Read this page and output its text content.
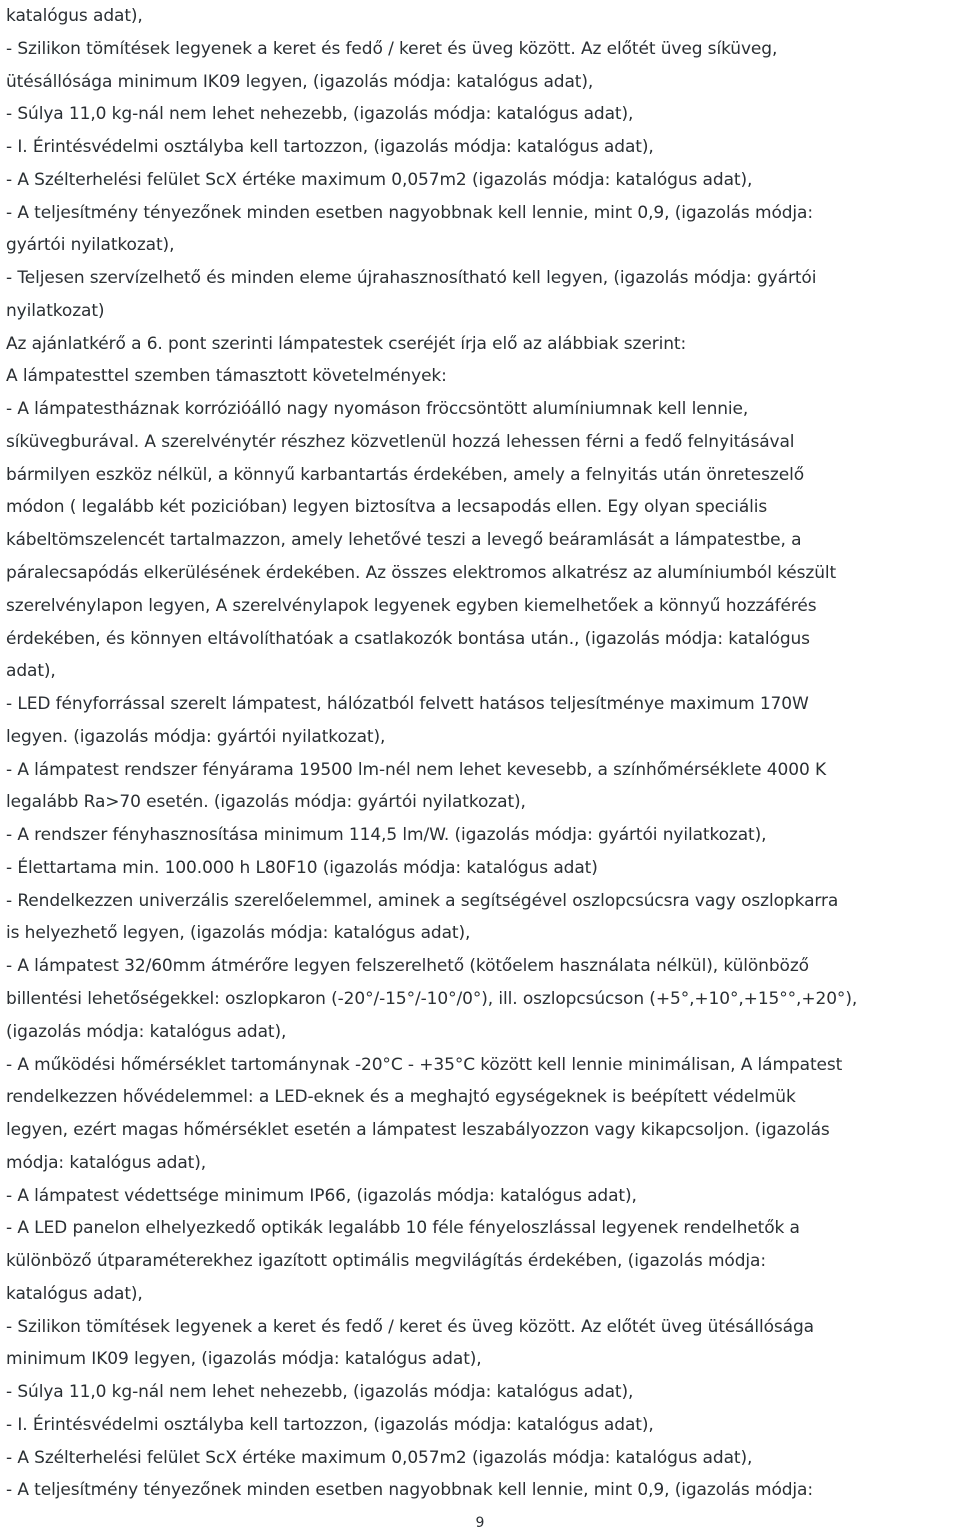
katalógus adat),
- Szilikon tömítések legyenek a keret és fedő / keret és üveg között. Az előtét üveg síküveg,
ütésállósága minimum IK09 legyen, (igazolás módja: katalógus adat),
- Súlya 11,0 kg-nál nem lehet nehezebb, (igazolás módja: katalógus adat),
- I. Érintésvédelmi osztályba kell tartozzon, (igazolás módja: katalógus adat),
- A Szélterhelési felület ScX értéke maximum 0,057m2 (igazolás módja: katalógus adat),
- A teljesítmény tényezőnek minden esetben nagyobbnak kell lennie, mint 0,9, (igazolás módja:
gyártói nyilatkozat),
- Teljesen szervízelhető és minden eleme újrahasznosítható kell legyen, (igazolás módja: gyártói
nyilatkozat)
Az ajánlatkérő a 6. pont szerinti lámpatestek cseréjét írja elő az alábbiak szerint:
A lámpatesttel szemben támasztott követelmények:
- A lámpatestháznak korrózióálló nagy nyomáson fröccsöntött alumíniumnak kell lennie,
síküvegburával. A szerelvénytér részhez közvetlenül hozzá lehessen férni a fedő felnyitásával
bármilyen eszköz nélkül, a könnyű karbantartás érdekében, amely a felnyitás után önreteszelő
módon ( legalább két pozicióban) legyen biztosítva a lecsapodás ellen. Egy olyan speciális
kábeltömszelencét tartalmazzon, amely lehetővé teszi a levegő beáramlását a lámpatestbe, a
páralecsapódás elkerülésének érdekében. Az összes elektromos alkatrész az alumíniumból készült
szerelvénylapon legyen, A szerelvénylapok legyenek egyben kiemelhetőek a könnyű hozzáférés
érdekében, és könnyen eltávolíthatóak a csatlakozók bontása után., (igazolás módja: katalógus
adat),
- LED fényforrással szerelt lámpatest, hálózatból felvett hatásos teljesítménye maximum 170W
legyen. (igazolás módja: gyártói nyilatkozat),
- A lámpatest rendszer fényárama 19500 lm-nél nem lehet kevesebb, a színhőmérséklete 4000 K
legalább Ra>70 esetén. (igazolás módja: gyártói nyilatkozat),
- A rendszer fényhasznosítása minimum 114,5 lm/W. (igazolás módja: gyártói nyilatkozat),
- Élettartama min. 100.000 h L80F10 (igazolás módja: katalógus adat)
- Rendelkezzen univerzális szerelőelemmel, aminek a segítségével oszlopcsúcsra vagy oszlopkarra
is helyezhető legyen, (igazolás módja: katalógus adat),
- A lámpatest 32/60mm átmérőre legyen felszerelhető (kötőelem használata nélkül), különböző
billentési lehetőségekkel: oszlopkaron (-20°/-15°/-10°/0°), ill. oszlopcsúcson (+5°,+10°,+15°°,+20°),
(igazolás módja: katalógus adat),
- A működési hőmérséklet tartománynak -20°C - +35°C között kell lennie minimálisan, A lámpatest
rendelkezzen hővédelemmel: a LED-eknek és a meghajtó egységeknek is beépített védelmük
legyen, ezért magas hőmérséklet esetén a lámpatest leszabályozzon vagy kikapcsoljon. (igazolás
módja: katalógus adat),
- A lámpatest védettsége minimum IP66, (igazolás módja: katalógus adat),
- A LED panelon elhelyezkedő optikák legalább 10 féle fényeloszlással legyenek rendelhetők a
különböző útparaméterekhez igazított optimális megvilágítás érdekében, (igazolás módja:
katalógus adat),
- Szilikon tömítések legyenek a keret és fedő / keret és üveg között. Az előtét üveg ütésállósága
minimum IK09 legyen, (igazolás módja: katalógus adat),
- Súlya 11,0 kg-nál nem lehet nehezebb, (igazolás módja: katalógus adat),
- I. Érintésvédelmi osztályba kell tartozzon, (igazolás módja: katalógus adat),
- A Szélterhelési felület ScX értéke maximum 0,057m2 (igazolás módja: katalógus adat),
- A teljesítmény tényezőnek minden esetben nagyobbnak kell lennie, mint 0,9, (igazolás módja:
9
